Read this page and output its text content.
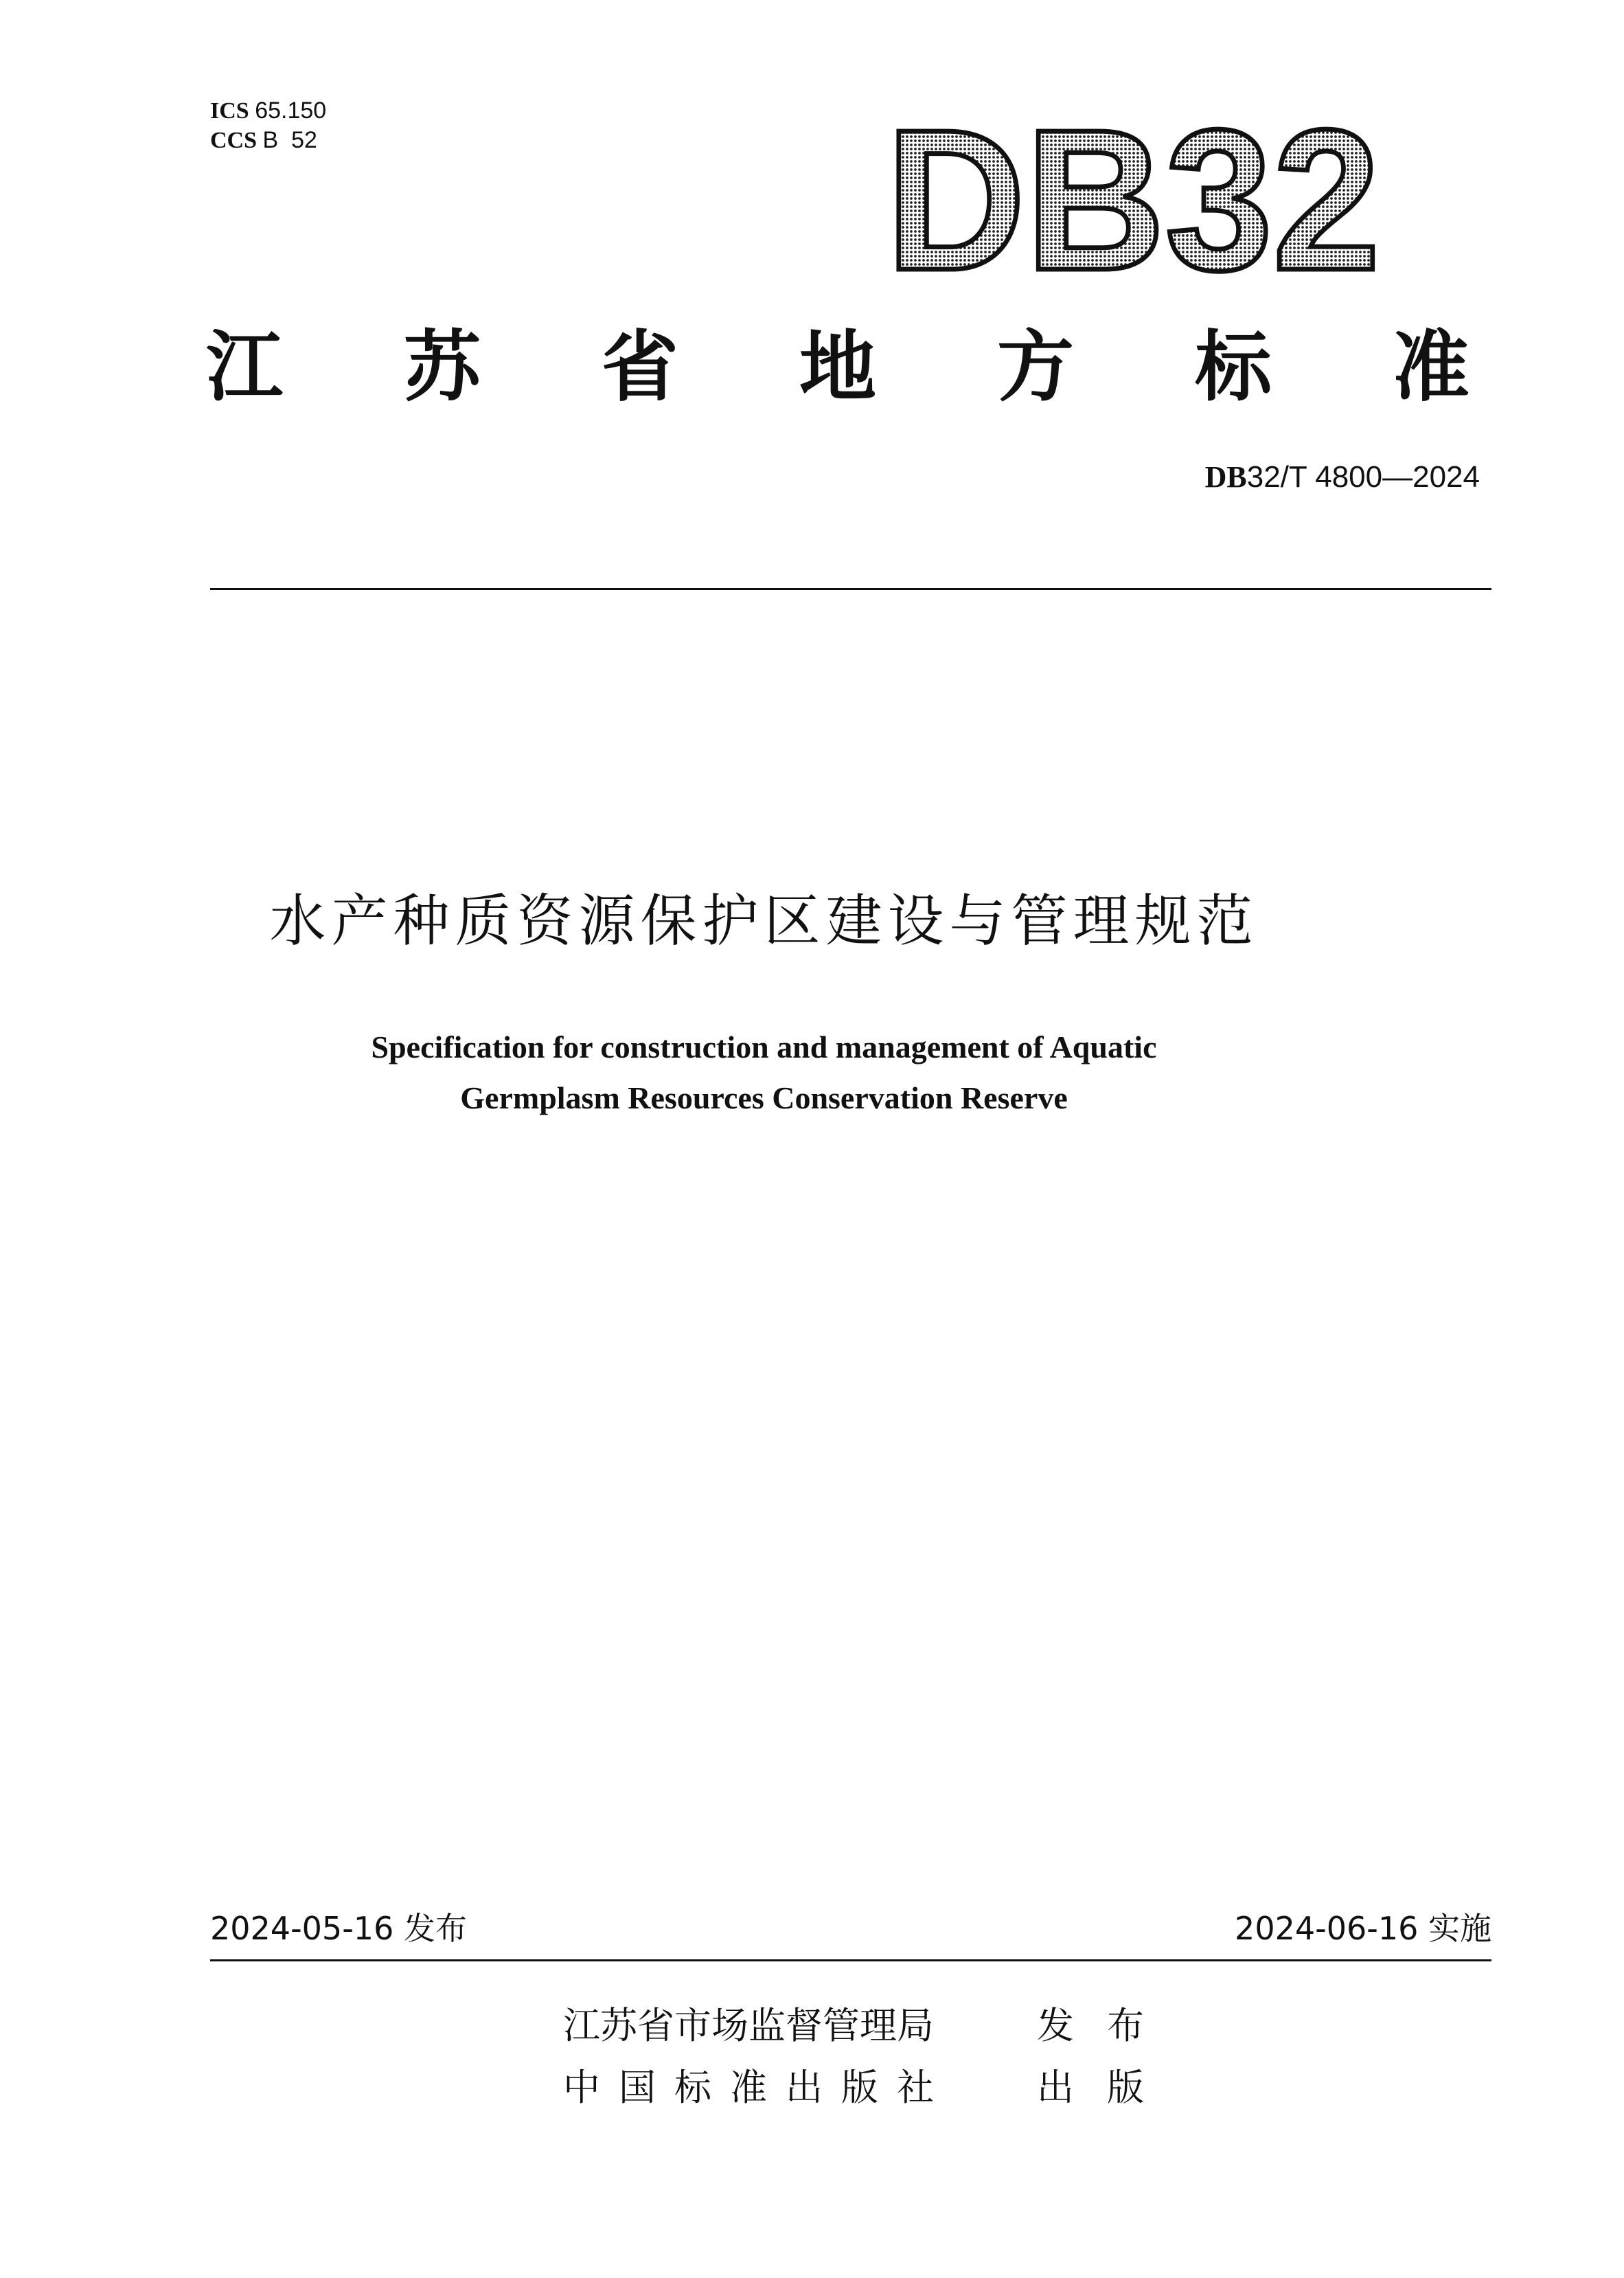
ICS 65.150
CCS B  52	DB32
江 苏 省 地 方 标 准
DB32/T 4800—2024
水产种质资源保护区建设与管理规范
Specification for construction and management of Aquatic
Germplasm Resources Conservation Reserve
2024-05-16 发布	2024-06-16 实施
江苏省市场监督管理局	发布
中国标准出版社	出版
